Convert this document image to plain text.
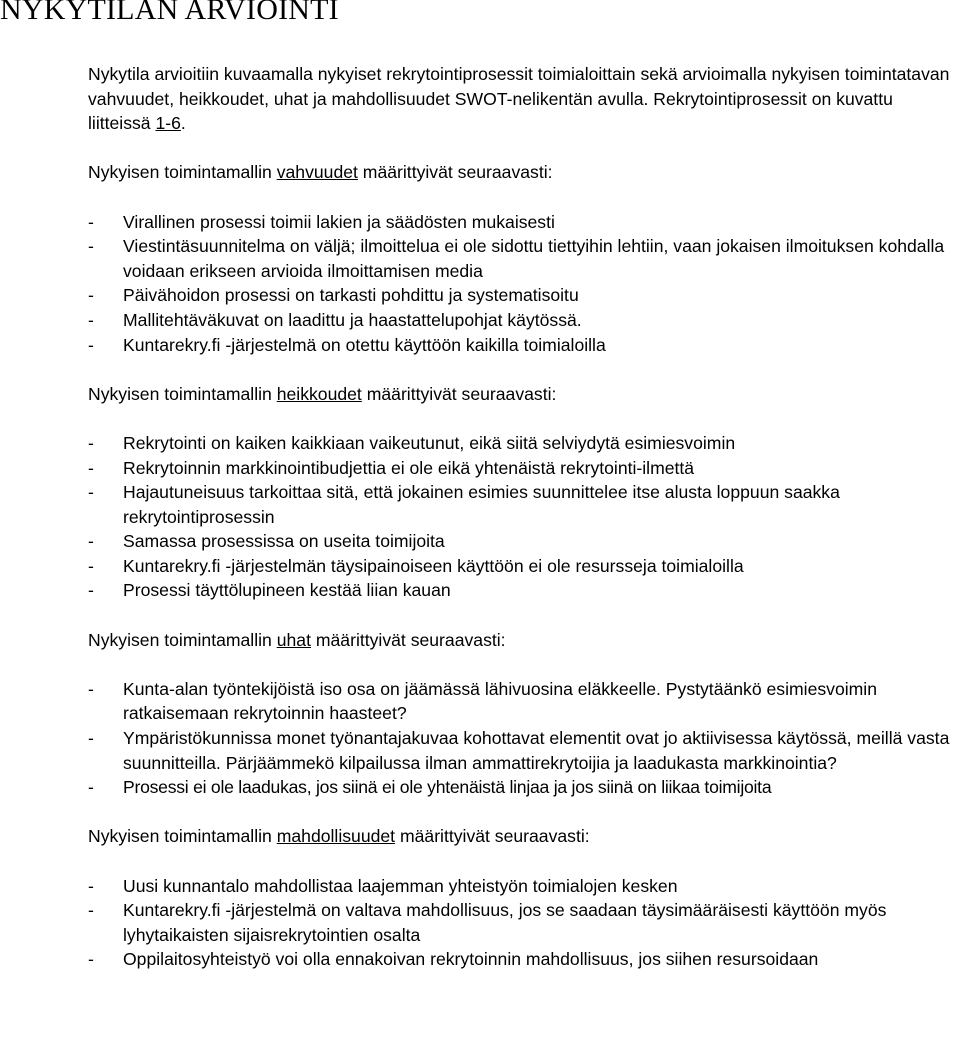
NYKYTILAN ARVIOINTI

Nykytila arvioitiin kuvaamalla nykyiset rekrytointiprosessit toimialoittain sekä arvioimalla nykyisen toimintatavan vahvuudet, heikkoudet, uhat ja mahdollisuudet SWOT-nelikentän avulla. Rekrytointiprosessit on kuvattu liitteissä 1-6.

Nykyisen toimintamallin vahvuudet määrittyivät seuraavasti:

- Virallinen prosessi toimii lakien ja säädösten mukaisesti
- Viestintäsuunnitelma on väljä; ilmoittelua ei ole sidottu tiettyihin lehtiin, vaan jokaisen ilmoituksen kohdalla voidaan erikseen arvioida ilmoittamisen media
- Päivähoidon prosessi on tarkasti pohdittu ja systematisoitu
- Mallitehtäväkuvat on laadittu ja haastattelupohjat käytössä.
- Kuntarekry.fi -järjestelmä on otettu käyttöön kaikilla toimialoilla

Nykyisen toimintamallin heikkoudet määrittyivät seuraavasti:

- Rekrytointi on kaiken kaikkiaan vaikeutunut, eikä siitä selviydytä esimiesvoimin
- Rekrytoinnin markkinointibudjettia ei ole eikä yhtenäistä rekrytointi-ilmettä
- Hajautuneisuus tarkoittaa sitä, että jokainen esimies suunnittelee itse alusta loppuun saakka rekrytointiprosessin
- Samassa prosessissa on useita toimijoita
- Kuntarekry.fi -järjestelmän täysipainoiseen käyttöön ei ole resursseja toimialoilla
- Prosessi täyttölupineen kestää liian kauan

Nykyisen toimintamallin uhat määrittyivät seuraavasti:

- Kunta-alan työntekijöistä iso osa on jäämässä lähivuosina eläkkeelle. Pystytäänkö esimiesvoimin ratkaisemaan rekrytoinnin haasteet?
- Ympäristökunnissa monet työnantajakuvaa kohottavat elementit ovat jo aktiivisessa käytössä, meillä vasta suunnitteilla. Pärjäämmekö kilpailussa ilman ammattirekrytoijia ja laadukasta markkinointia?
- Prosessi ei ole laadukas, jos siinä ei ole yhtenäistä linjaa ja jos siinä on liikaa toimijoita

Nykyisen toimintamallin mahdollisuudet määrittyivät seuraavasti:

- Uusi kunnantalo mahdollistaa laajemman yhteistyön toimialojen kesken
- Kuntarekry.fi -järjestelmä on valtava mahdollisuus, jos se saadaan täysimääräisesti käyttöön myös lyhytaikaisten sijaisrekrytointien osalta
- Oppilaitosyhteistyö voi olla ennakoivan rekrytoinnin mahdollisuus, jos siihen resursoidaan
